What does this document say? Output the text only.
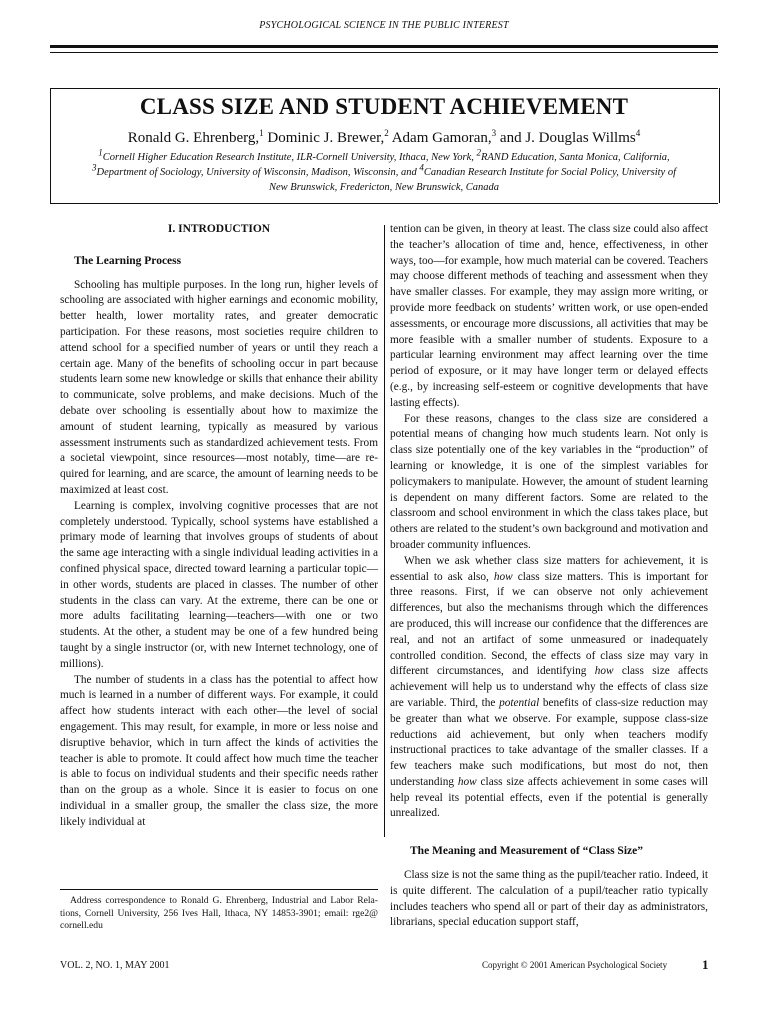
PSYCHOLOGICAL SCIENCE IN THE PUBLIC INTEREST
CLASS SIZE AND STUDENT ACHIEVEMENT
Ronald G. Ehrenberg,$^1$ Dominic J. Brewer,$^2$ Adam Gamoran,$^3$ and J. Douglas Willms$^4$
$^1$Cornell Higher Education Research Institute, ILR-Cornell University, Ithaca, New York, $^2$RAND Education, Santa Monica, California, $^3$Department of Sociology, University of Wisconsin, Madison, Wisconsin, and $^4$Canadian Research Institute for Social Policy, University of New Brunswick, Fredericton, New Brunswick, Canada
I. INTRODUCTION
The Learning Process

Schooling has multiple purposes. In the long run, higher levels of schooling are associated with higher earnings and economic mobility, better health, lower mortality rates, and greater democratic participation. For these reasons, most societies require children to attend school for a specified number of years or until they reach a certain age. Many of the benefits of schooling occur in part because students learn some new knowledge or skills that enhance their ability to communicate, solve problems, and make decisions. Much of the debate over schooling is essentially about how to maximize the amount of student learning, typically as measured by various assessment instruments such as standardized achievement tests. From a societal viewpoint, since resources—most notably, time—are required for learning, and are scarce, the amount of learning needs to be maximized at least cost.

Learning is complex, involving cognitive processes that are not completely understood. Typically, school systems have established a primary mode of learning that involves groups of students of about the same age interacting with a single individual leading activities in a confined physical space, directed toward learning a particular topic—in other words, students are placed in classes. The number of other students in the class can vary. At the extreme, there can be one or more adults facilitating learning—teachers—with one or two students. At the other, a student may be one of a few hundred being taught by a single instructor (or, with new Internet technology, one of millions).

The number of students in a class has the potential to affect how much is learned in a number of different ways. For example, it could affect how students interact with each other—the level of social engagement. This may result, for example, in more or less noise and disruptive behavior, which in turn affect the kinds of activities the teacher is able to promote. It could affect how much time the teacher is able to focus on individual students and their specific needs rather than on the group as a whole. Since it is easier to focus on one individual in a smaller group, the smaller the class size, the more likely individual at

tention can be given, in theory at least. The class size could also affect the teacher’s allocation of time and, hence, effectiveness, in other ways, too—for example, how much material can be covered. Teachers may choose different methods of teaching and assessment when they have smaller classes. For example, they may assign more writing, or provide more feedback on students’ written work, or use open-ended assessments, or encourage more discussions, all activities that may be more feasible with a smaller number of students. Exposure to a particular learning environment may affect learning over the time period of exposure, or it may have longer term or delayed effects (e.g., by increasing self-esteem or cognitive developments that have lasting effects).

For these reasons, changes to the class size are considered a potential means of changing how much students learn. Not only is class size potentially one of the key variables in the “production” of learning or knowledge, it is one of the simplest variables for policymakers to manipulate. However, the amount of student learning is dependent on many different factors. Some are related to the classroom and school environment in which the class takes place, but others are related to the student’s own background and motivation and broader community influences.

When we ask whether class size matters for achievement, it is essential to ask also, how class size matters. This is important for three reasons. First, if we can observe not only achievement differences, but also the mechanisms through which the differences are produced, this will increase our confidence that the differences are real, and not an artifact of some unmeasured or inadequately controlled condition. Second, the effects of class size may vary in different circumstances, and identifying how class size affects achievement will help us to understand why the effects of class size are variable. Third, the potential benefits of class-size reduction may be greater than what we observe. For example, suppose class-size reductions aid achievement, but only when teachers modify instructional practices to take advantage of the smaller classes. If a few teachers make such modifications, but most do not, then understanding how class size affects achievement in some cases will help reveal its potential effects, even if the potential is generally unrealized.

The Meaning and Measurement of “Class Size”

Class size is not the same thing as the pupil/teacher ratio. Indeed, it is quite different. The calculation of a pupil/teacher ratio typically includes teachers who spend all or part of their day as administrators, librarians, special education support staff,

Address correspondence to Ronald G. Ehrenberg, Industrial and Labor Relations, Cornell University, 256 Ives Hall, Ithaca, NY 14853-3901; email: rge2@ cornell.edu
VOL. 2, NO. 1, MAY 2001	Copyright © 2001 American Psychological Society	1
